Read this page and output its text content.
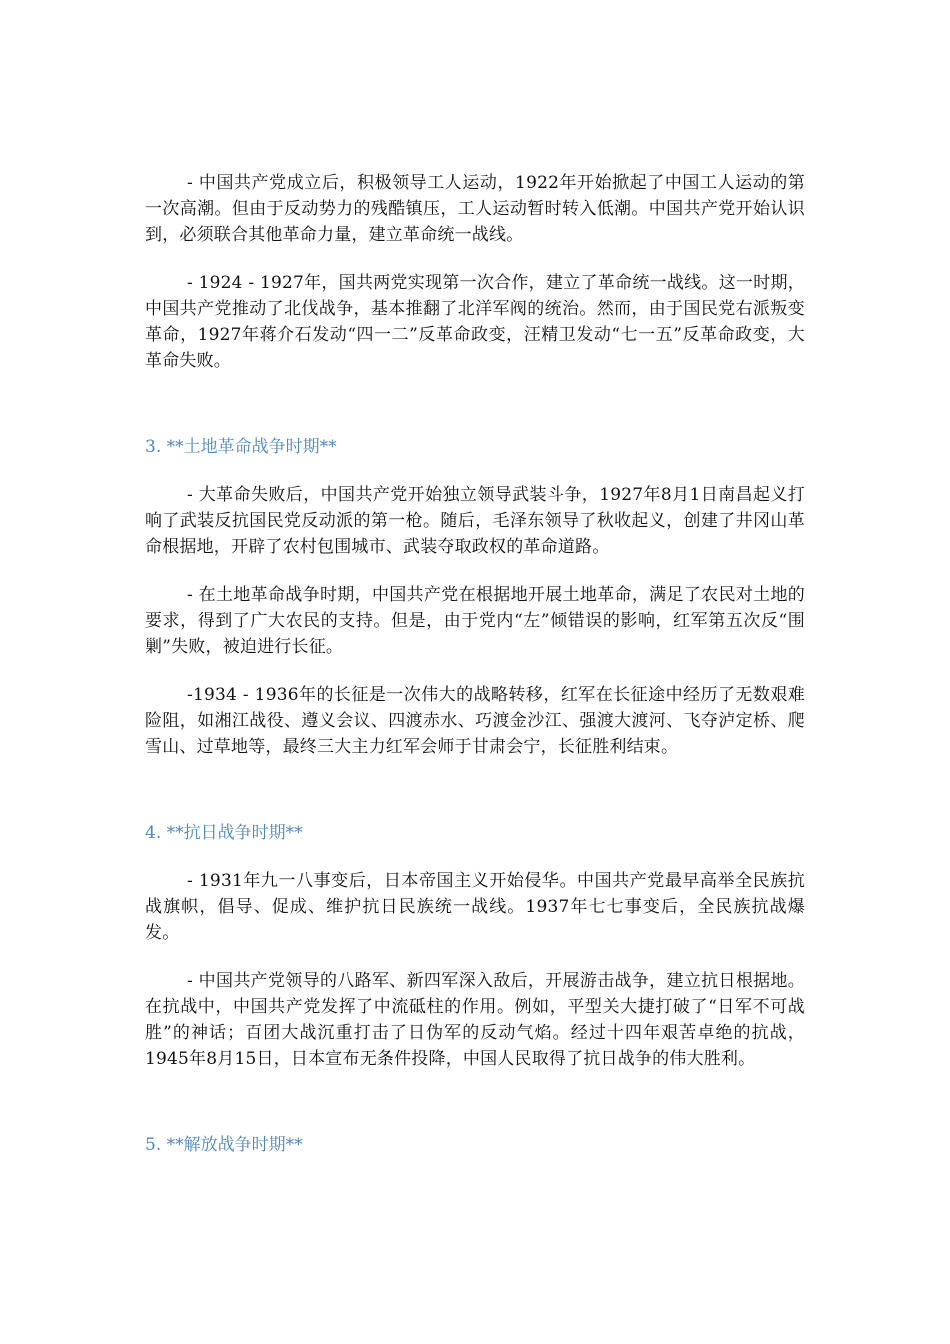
- 中国共产党成立后，积极领导工人运动，1922年开始掀起了中国工人运动的第一次高潮。但由于反动势力的残酷镇压，工人运动暂时转入低潮。中国共产党开始认识到，必须联合其他革命力量，建立革命统一战线。

- 1924 - 1927年，国共两党实现第一次合作，建立了革命统一战线。这一时期，中国共产党推动了北伐战争，基本推翻了北洋军阀的统治。然而，由于国民党右派叛变革命，1927年蒋介石发动“四一二”反革命政变，汪精卫发动“七一五”反革命政变，大革命失败。

3. **土地革命战争时期**

- 大革命失败后，中国共产党开始独立领导武装斗争，1927年8月1日南昌起义打响了武装反抗国民党反动派的第一枪。随后，毛泽东领导了秋收起义，创建了井冈山革命根据地，开辟了农村包围城市、武装夺取政权的革命道路。

- 在土地革命战争时期，中国共产党在根据地开展土地革命，满足了农民对土地的要求，得到了广大农民的支持。但是，由于党内“左”倾错误的影响，红军第五次反“围剿”失败，被迫进行长征。

-1934 - 1936年的长征是一次伟大的战略转移，红军在长征途中经历了无数艰难险阻，如湘江战役、遵义会议、四渡赤水、巧渡金沙江、强渡大渡河、飞夺泸定桥、爬雪山、过草地等，最终三大主力红军会师于甘肃会宁，长征胜利结束。

4. **抗日战争时期**

- 1931年九一八事变后，日本帝国主义开始侵华。中国共产党最早高举全民族抗战旗帜，倡导、促成、维护抗日民族统一战线。1937年七七事变后，全民族抗战爆发。

- 中国共产党领导的八路军、新四军深入敌后，开展游击战争，建立抗日根据地。在抗战中，中国共产党发挥了中流砥柱的作用。例如，平型关大捷打破了“日军不可战胜”的神话；百团大战沉重打击了日伪军的反动气焰。经过十四年艰苦卓绝的抗战，1945年8月15日，日本宣布无条件投降，中国人民取得了抗日战争的伟大胜利。

5. **解放战争时期**
